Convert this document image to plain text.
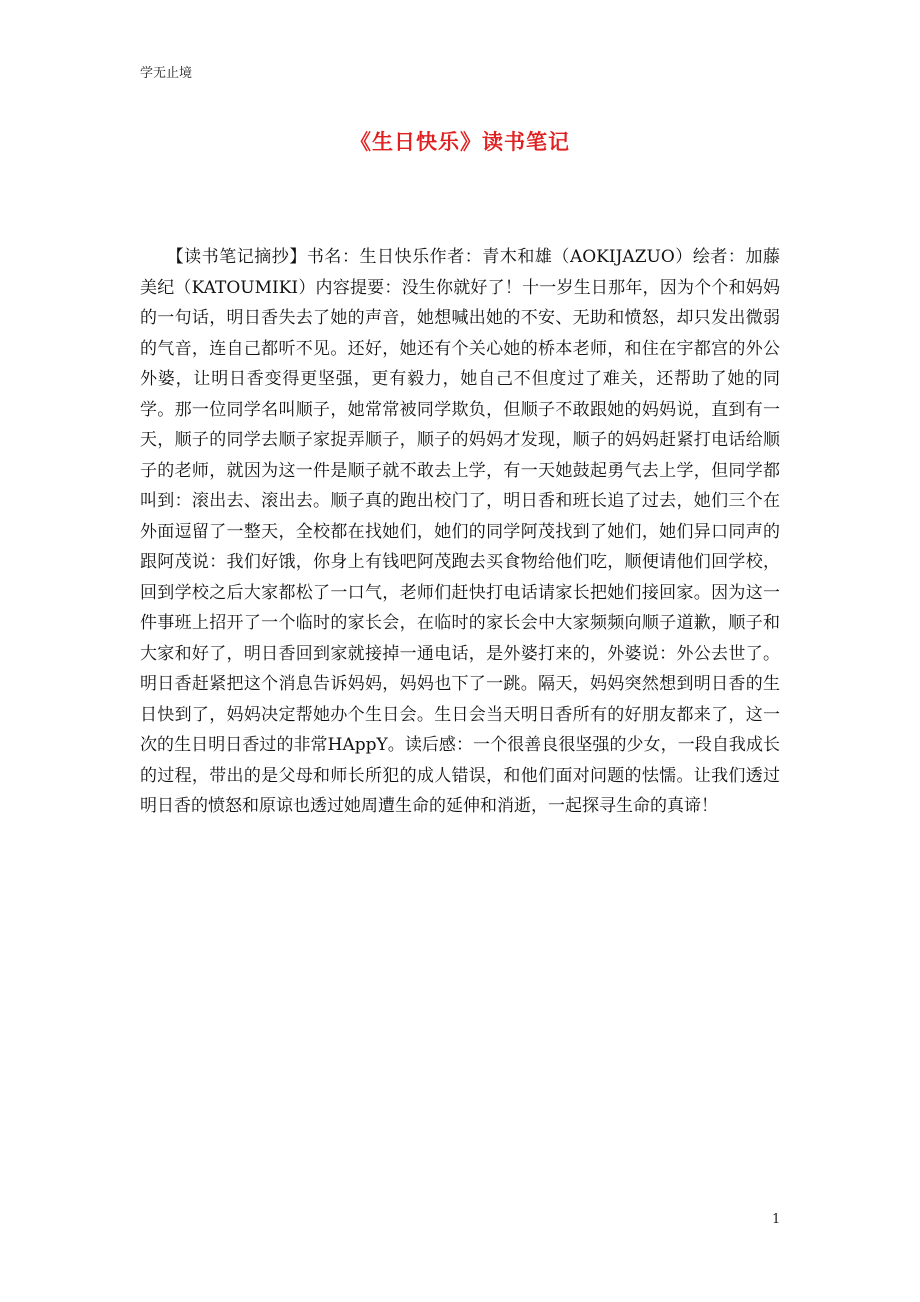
学无止境
《生日快乐》读书笔记

　　【读书笔记摘抄】书名：生日快乐作者：青木和雄（AOKIJAZUO）绘者：加藤美纪（KATOUMIKI）内容提要：没生你就好了！十一岁生日那年，因为个个和妈妈的一句话，明日香失去了她的声音，她想喊出她的不安、无助和愤怒，却只发出微弱的气音，连自己都听不见。还好，她还有个关心她的桥本老师，和住在宇都宫的外公外婆，让明日香变得更坚强，更有毅力，她自己不但度过了难关，还帮助了她的同学。那一位同学名叫顺子，她常常被同学欺负，但顺子不敢跟她的妈妈说，直到有一天，顺子的同学去顺子家捉弄顺子，顺子的妈妈才发现，顺子的妈妈赶紧打电话给顺子的老师，就因为这一件是顺子就不敢去上学，有一天她鼓起勇气去上学，但同学都叫到：滚出去、滚出去。顺子真的跑出校门了，明日香和班长追了过去，她们三个在外面逗留了一整天，全校都在找她们，她们的同学阿茂找到了她们，她们异口同声的跟阿茂说：我们好饿，你身上有钱吧阿茂跑去买食物给他们吃，顺便请他们回学校，回到学校之后大家都松了一口气，老师们赶快打电话请家长把她们接回家。因为这一件事班上招开了一个临时的家长会，在临时的家长会中大家频频向顺子道歉，顺子和大家和好了，明日香回到家就接掉一通电话，是外婆打来的，外婆说：外公去世了。明日香赶紧把这个消息告诉妈妈，妈妈也下了一跳。隔天，妈妈突然想到明日香的生日快到了，妈妈决定帮她办个生日会。生日会当天明日香所有的好朋友都来了，这一次的生日明日香过的非常HAppY。读后感：一个很善良很坚强的少女，一段自我成长的过程，带出的是父母和师长所犯的成人错误，和他们面对问题的怯懦。让我们透过明日香的愤怒和原谅也透过她周遭生命的延伸和消逝，一起探寻生命的真谛！

1
